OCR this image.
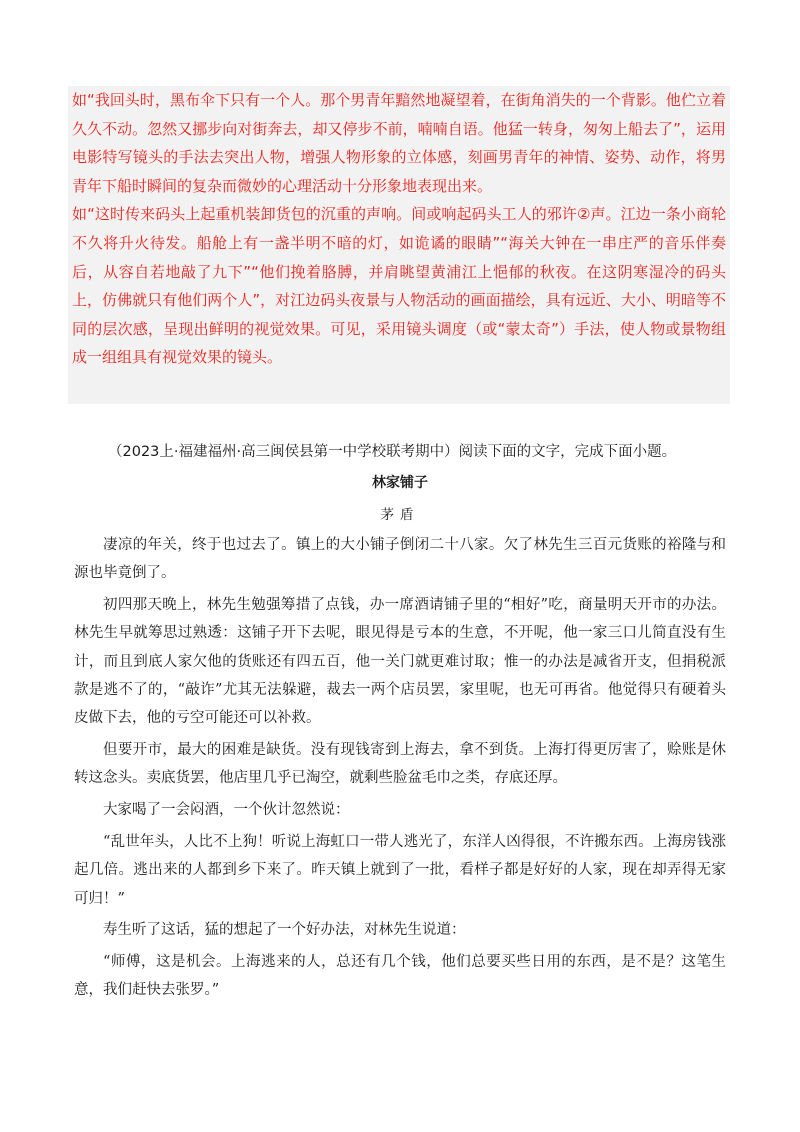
如“我回头时，黑布伞下只有一个人。那个男青年黯然地凝望着，在街角消失的一个背影。他伫立着久久不动。忽然又挪步向对街奔去，却又停步不前，喃喃自语。他猛一转身，匆匆上船去了”，运用电影特写镜头的手法去突出人物，增强人物形象的立体感，刻画男青年的神情、姿势、动作，将男青年下船时瞬间的复杂而微妙的心理活动十分形象地表现出来。

如“这时传来码头上起重机装卸货包的沉重的声响。间或响起码头工人的邪许②声。江边一条小商轮不久将升火待发。船舱上有一盏半明不暗的灯，如诡谲的眼睛”“海关大钟在一串庄严的音乐伴奏后，从容自若地敲了九下”“他们挽着胳膊，并肩眺望黄浦江上悒郁的秋夜。在这阴寒湿冷的码头上，仿佛就只有他们两个人”，对江边码头夜景与人物活动的画面描绘，具有远近、大小、明暗等不同的层次感，呈现出鲜明的视觉效果。可见，采用镜头调度（或“蒙太奇”）手法，使人物或景物组成一组组具有视觉效果的镜头。

（2023上·福建福州·高三闽侯县第一中学校联考期中）阅读下面的文字，完成下面小题。
林家铺子
茅盾

凄凉的年关，终于也过去了。镇上的大小铺子倒闭二十八家。欠了林先生三百元货账的裕隆与和源也毕竟倒了。

初四那天晚上，林先生勉强筹措了点钱，办一席酒请铺子里的“相好”吃，商量明天开市的办法。林先生早就筹思过熟透：这铺子开下去呢，眼见得是亏本的生意，不开呢，他一家三口儿简直没有生计，而且到底人家欠他的货账还有四五百，他一关门就更难讨取；惟一的办法是减省开支，但捐税派款是逃不了的，“敲诈”尤其无法躲避，裁去一两个店员罢，家里呢，也无可再省。他觉得只有硬着头皮做下去，他的亏空可能还可以补救。

但要开市，最大的困难是缺货。没有现钱寄到上海去，拿不到货。上海打得更厉害了，赊账是休转这念头。卖底货罢，他店里几乎已淘空，就剩些脸盆毛巾之类，存底还厚。

大家喝了一会闷酒，一个伙计忽然说：

“乱世年头，人比不上狗！听说上海虹口一带人逃光了，东洋人凶得很，不许搬东西。上海房钱涨起几倍。逃出来的人都到乡下来了。昨天镇上就到了一批，看样子都是好好的人家，现在却弄得无家可归！”

寿生听了这话，猛的想起了一个好办法，对林先生说道：

“师傅，这是机会。上海逃来的人，总还有几个钱，他们总要买些日用的东西，是不是？这笔生意，我们赶快去张罗。”
